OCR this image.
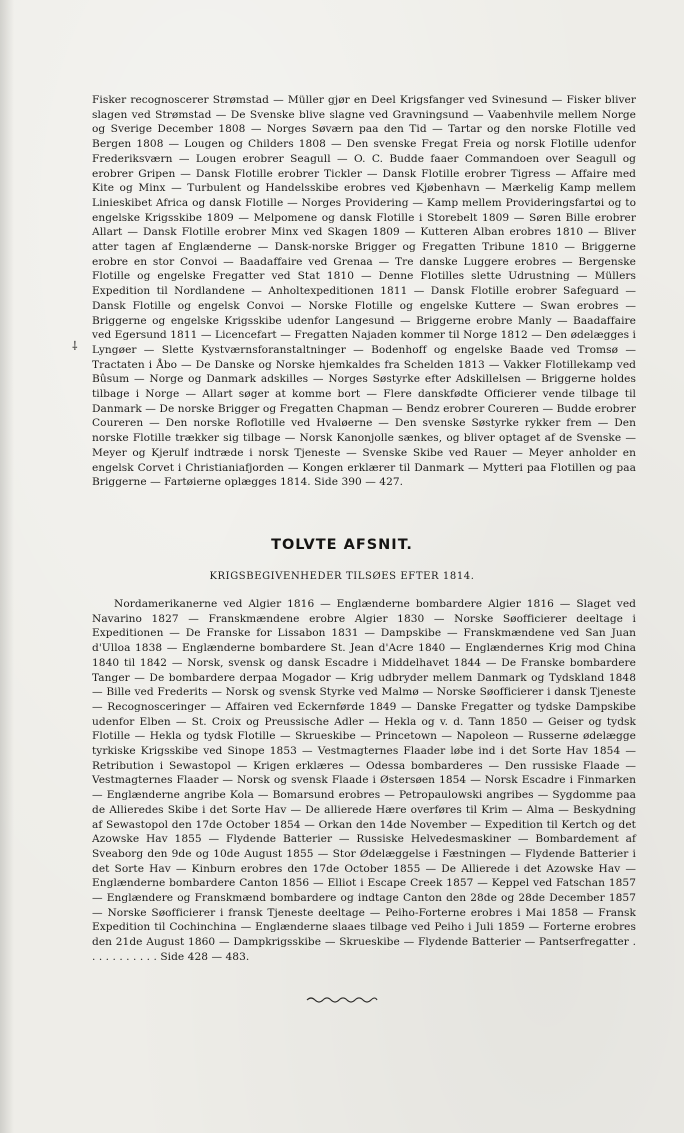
Fisker recognoscerer Strømstad — Müller gjør en Deel Krigsfanger ved Svinesund — Fisker bliver slagen ved Strømstad — De Svenske blive slagne ved Gravningsund — Vaabenhvile mellem Norge og Sverige December 1808 — Norges Søværn paa den Tid — Tartar og den norske Flotille ved Bergen 1808 — Lougen og Childers 1808 — Den svenske Fregat Freia og norsk Flotille udenfor Frederiksværn — Lougen erobrer Seagull — O. C. Budde faaer Commandoen over Seagull og erobrer Gripen — Dansk Flotille erobrer Tickler — Dansk Flotille erobrer Tigress — Affaire med Kite og Minx — Turbulent og Handelsskibe erobres ved Kjøbenhavn — Mærkelig Kamp mellem Linieskibet Africa og dansk Flotille — Norges Providering — Kamp mellem Provideringsfartøi og to engelske Krigsskibe 1809 — Melpomene og dansk Flotille i Storebelt 1809 — Søren Bille erobrer Allart — Dansk Flotille erobrer Minx ved Skagen 1809 — Kutteren Alban erobres 1810 — Bliver atter tagen af Englænderne — Dansk-norske Brigger og Fregatten Tribune 1810 — Briggerne erobre en stor Convoi — Baadaffaire ved Grenaa — Tre danske Luggere erobres — Bergenske Flotille og engelske Fregatter ved Stat 1810 — Denne Flotilles slette Udrustning — Müllers Expedition til Nordlandene — Anholtexpeditionen 1811 — Dansk Flotille erobrer Safeguard — Dansk Flotille og engelsk Convoi — Norske Flotille og engelske Kuttere — Swan erobres — Briggerne og engelske Krigsskibe udenfor Langesund — Briggerne erobre Manly — Baadaffaire ved Egersund 1811 — Licencefart — Fregatten Najaden kommer til Norge 1812 — Den ødelægges i Lyngøer — Slette Kystværnsforanstaltninger — Bodenhoff og engelske Baade ved Tromsø — Tractaten i Åbo — De Danske og Norske hjemkaldes fra Schelden 1813 — Vakker Flotillekamp ved Bûsum — Norge og Danmark adskilles — Norges Søstyrke efter Adskillelsen — Briggerne holdes tilbage i Norge — Allart søger at komme bort — Flere danskfødte Officierer vende tilbage til Danmark — De norske Brigger og Fregatten Chapman — Bendz erobrer Coureren — Budde erobrer Coureren — Den norske Roflotille ved Hvaløerne — Den svenske Søstyrke rykker frem — Den norske Flotille trækker sig tilbage — Norsk Kanonjolle sænkes, og bliver optaget af de Svenske — Meyer og Kjerulf indtræde i norsk Tjeneste — Svenske Skibe ved Rauer — Meyer anholder en engelsk Corvet i Christianiafjorden — Kongen erklærer til Danmark — Mytteri paa Flotillen og paa Briggerne — Fartøierne oplægges 1814. Side 390 — 427.
⸸
TOLVTE AFSNIT.
KRIGSBEGIVENHEDER TILSØES EFTER 1814.
Nordamerikanerne ved Algier 1816 — Englænderne bombardere Algier 1816 — Slaget ved Navarino 1827 — Franskmændene erobre Algier 1830 — Norske Søofficierer deeltage i Expeditionen — De Franske for Lissabon 1831 — Dampskibe — Franskmændene ved San Juan d'Ulloa 1838 — Englænderne bombardere St. Jean d'Acre 1840 — Englændernes Krig mod China 1840 til 1842 — Norsk, svensk og dansk Escadre i Middelhavet 1844 — De Franske bombardere Tanger — De bombardere derpaa Mogador — Krig udbryder mellem Danmark og Tydskland 1848 — Bille ved Frederits — Norsk og svensk Styrke ved Malmø — Norske Søofficierer i dansk Tjeneste — Recognosceringer — Affairen ved Eckernførde 1849 — Danske Fregatter og tydske Dampskibe udenfor Elben — St. Croix og Preussische Adler — Hekla og v. d. Tann 1850 — Geiser og tydsk Flotille — Hekla og tydsk Flotille — Skrueskibe — Princetown — Napoleon — Russerne ødelægge tyrkiske Krigsskibe ved Sinope 1853 — Vestmagternes Flaader løbe ind i det Sorte Hav 1854 — Retribution i Sewastopol — Krigen erklæres — Odessa bombarderes — Den russiske Flaade — Vestmagternes Flaader — Norsk og svensk Flaade i Østersøen 1854 — Norsk Escadre i Finmarken — Englænderne angribe Kola — Bomarsund erobres — Petropaulowski angribes — Sygdomme paa de Allieredes Skibe i det Sorte Hav — De allierede Hære overføres til Krim — Alma — Beskydning af Sewastopol den 17de October 1854 — Orkan den 14de November — Expedition til Kertch og det Azowske Hav 1855 — Flydende Batterier — Russiske Helvedesmaskiner — Bombardement af Sveaborg den 9de og 10de August 1855 — Stor Ødelæggelse i Fæstningen — Flydende Batterier i det Sorte Hav — Kinburn erobres den 17de October 1855 — De Allierede i det Azowske Hav — Englænderne bombardere Canton 1856 — Elliot i Escape Creek 1857 — Keppel ved Fatschan 1857 — Englændere og Franskmænd bombardere og indtage Canton den 28de og 28de December 1857 — Norske Søofficierer i fransk Tjeneste deeltage — Peiho-Forterne erobres i Mai 1858 — Fransk Expedition til Cochinchina — Englænderne slaaes tilbage ved Peiho i Juli 1859 — Forterne erobres den 21de August 1860 — Dampkrigsskibe — Skrueskibe — Flydende Batterier — Pantserfregatter . . . . . . . . . . . Side 428 — 483.
